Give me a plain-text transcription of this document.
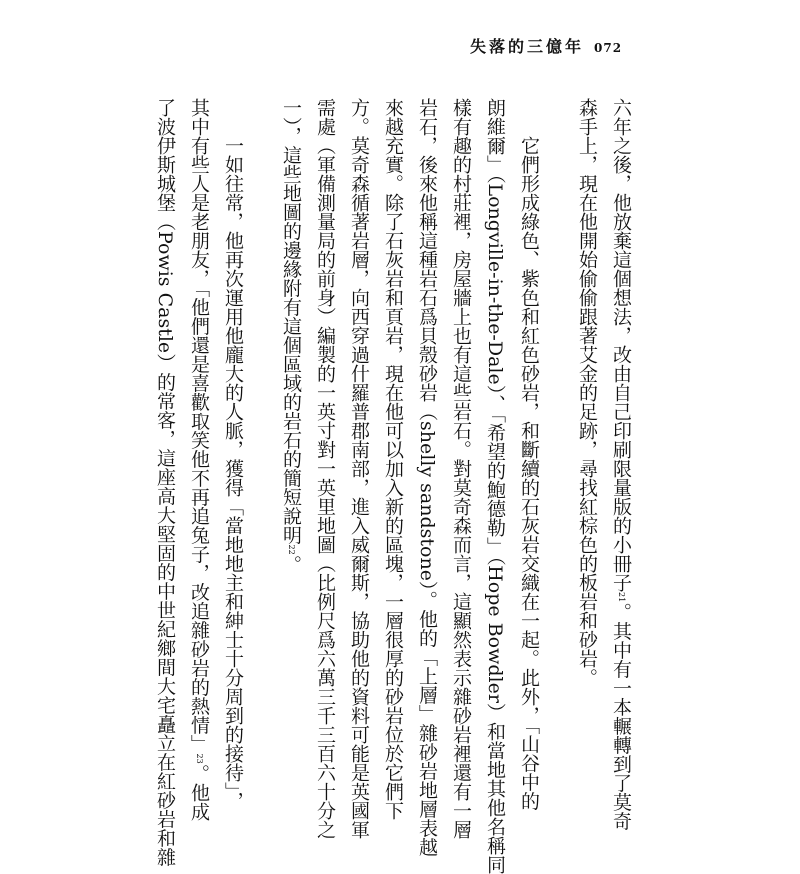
失落的三億年 072
六年之後，他放棄這個想法，改由自己印刷限量版的小冊子21。其中有一本輾轉到了莫奇
森手上，現在他開始偷偷跟著艾金的足跡，尋找紅棕色的板岩和砂岩。
它們形成綠色、紫色和紅色砂岩，和斷續的石灰岩交織在一起。此外，「山谷中的
朗維爾」（Longville-in-the-Dale）、「希望的鮑德勒」（Hope Bowdler）和當地其他名稱同
樣有趣的村莊裡，房屋牆上也有這些岩石。對莫奇森而言，這顯然表示雜砂岩裡還有一層
岩石，後來他稱這種岩石爲貝殼砂岩（shelly sandstone）。他的「上層」雜砂岩地層表越
來越充實。除了石灰岩和頁岩，現在他可以加入新的區塊，一層很厚的砂岩位於它們下
方。莫奇森循著岩層，向西穿過什羅普郡南部，進入威爾斯，協助他的資料可能是英國軍
需處（軍備測量局的前身）編製的一英寸對一英里地圖（比例尺爲六萬三千三百六十分之
一），這些地圖的邊緣附有這個區域的岩石的簡短說明22。
一如往常，他再次運用他龐大的人脈，獲得「當地地主和紳士十分周到的接待」，
其中有些人是老朋友，「他們還是喜歡取笑他不再追兔子，改追雜砂岩的熱情」23。他成
了波伊斯城堡（Powis Castle）的常客，這座高大堅固的中世紀鄉間大宅矗立在紅砂岩和雜
